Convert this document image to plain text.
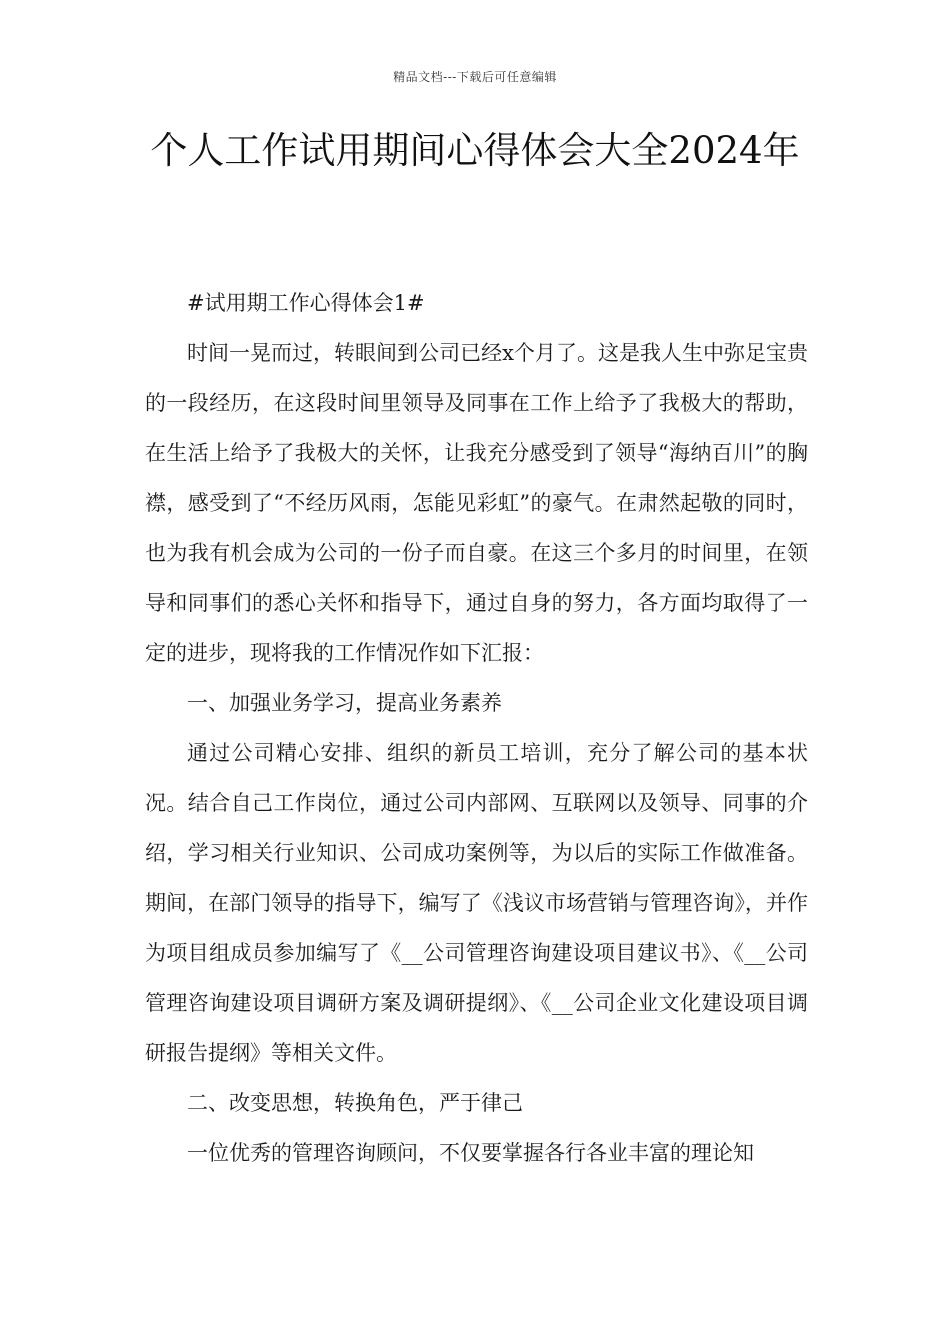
精品文档---下载后可任意编辑
个人工作试用期间心得体会大全2024年

#试用期工作心得体会1#

时间一晃而过，转眼间到公司已经x个月了。这是我人生中弥足宝贵的一段经历，在这段时间里领导及同事在工作上给予了我极大的帮助，在生活上给予了我极大的关怀，让我充分感受到了领导“海纳百川”的胸襟，感受到了“不经历风雨，怎能见彩虹”的豪气。在肃然起敬的同时，也为我有机会成为公司的一份子而自豪。在这三个多月的时间里，在领导和同事们的悉心关怀和指导下，通过自身的努力，各方面均取得了一定的进步，现将我的工作情况作如下汇报：

一、加强业务学习，提高业务素养

通过公司精心安排、组织的新员工培训，充分了解公司的基本状况。结合自己工作岗位，通过公司内部网、互联网以及领导、同事的介绍，学习相关行业知识、公司成功案例等，为以后的实际工作做准备。期间，在部门领导的指导下，编写了《浅议市场营销与管理咨询》，并作为项目组成员参加编写了《__公司管理咨询建设项目建议书》、《__公司管理咨询建设项目调研方案及调研提纲》、《__公司企业文化建设项目调研报告提纲》等相关文件。

二、改变思想，转换角色，严于律己

一位优秀的管理咨询顾问，不仅要掌握各行各业丰富的理论知
